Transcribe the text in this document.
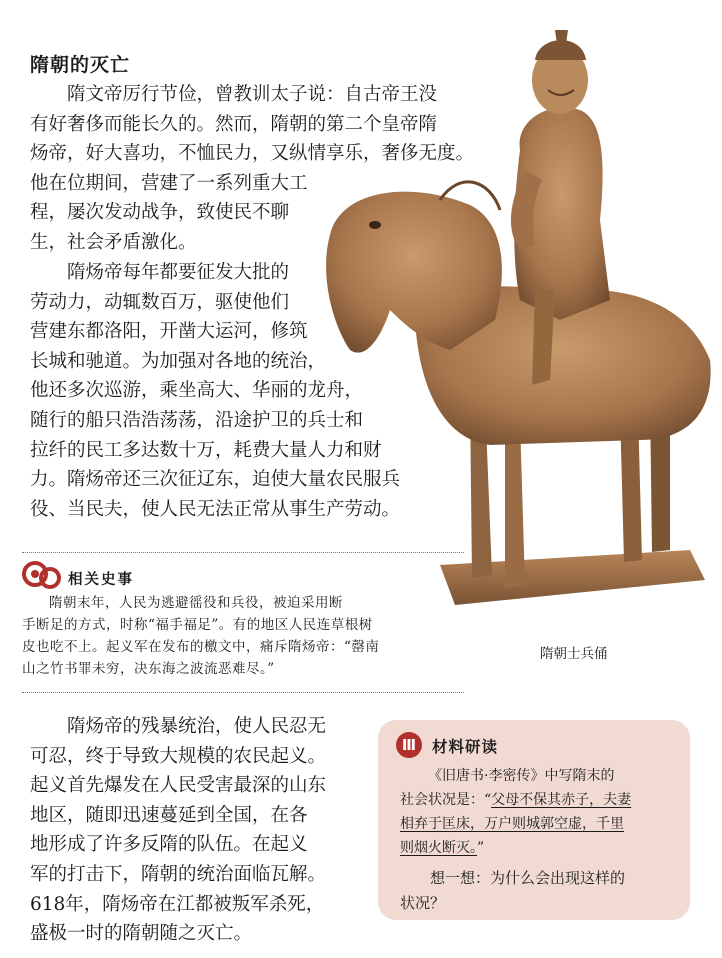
隋朝的灭亡

隋文帝厉行节俭，曾教训太子说：自古帝王没

有好奢侈而能长久的。然而，隋朝的第二个皇帝隋

炀帝，好大喜功，不恤民力，又纵情享乐，奢侈无度。

他在位期间，营建了一系列重大工

程，屡次发动战争，致使民不聊

生，社会矛盾激化。

隋炀帝每年都要征发大批的

劳动力，动辄数百万，驱使他们

营建东都洛阳，开凿大运河，修筑

长城和驰道。为加强对各地的统治，

他还多次巡游，乘坐高大、华丽的龙舟，

随行的船只浩浩荡荡，沿途护卫的兵士和

拉纤的民工多达数十万，耗费大量人力和财

力。隋炀帝还三次征辽东，迫使大量农民服兵

役、当民夫，使人民无法正常从事生产劳动。

隋朝士兵俑
相关史事
隋朝末年，人民为逃避徭役和兵役，被迫采用断
手断足的方式，时称“福手福足”。有的地区人民连草根树
皮也吃不上。起义军在发布的檄文中，痛斥隋炀帝：“罄南
山之竹书罪未穷，决东海之波流恶难尽。”

隋炀帝的残暴统治，使人民忍无

可忍，终于导致大规模的农民起义。

起义首先爆发在人民受害最深的山东

地区，随即迅速蔓延到全国，在各

地形成了许多反隋的队伍。在起义

军的打击下，隋朝的统治面临瓦解。

618年，隋炀帝在江都被叛军杀死，

盛极一时的隋朝随之灭亡。

Ⅲ	材料研读
《旧唐书·李密传》中写隋末的
社会状况是：“父母不保其赤子，夫妻
相弃于匡床，万户则城郭空虚，千里
则烟火断灭。”
想一想：为什么会出现这样的
状况？
